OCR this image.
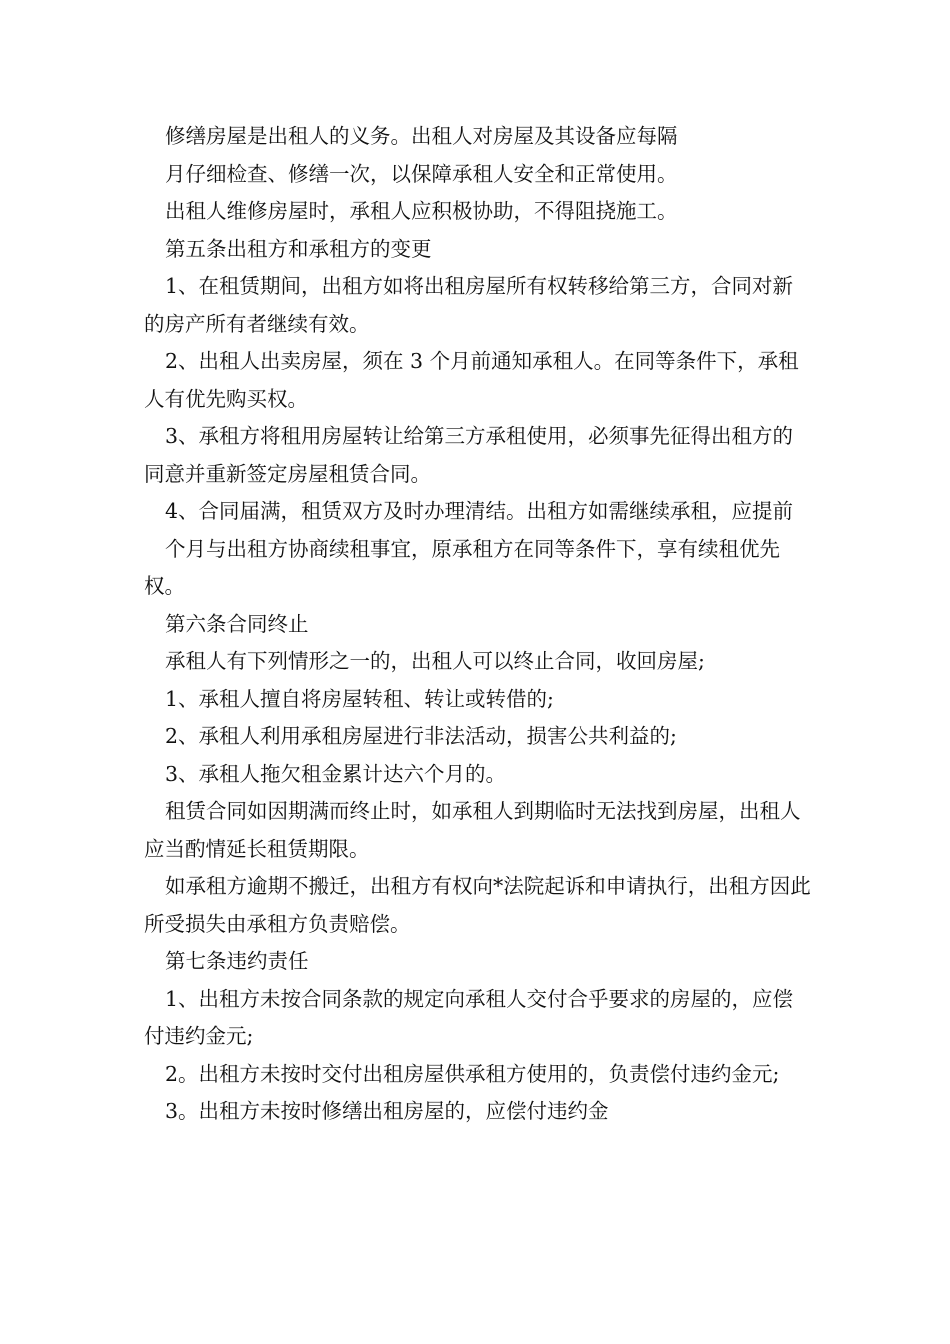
修缮房屋是出租人的义务。出租人对房屋及其设备应每隔

月仔细检查、修缮一次，以保障承租人安全和正常使用。

出租人维修房屋时，承租人应积极协助，不得阻挠施工。

第五条出租方和承租方的变更

1、在租赁期间，出租方如将出租房屋所有权转移给第三方，合同对新的房产所有者继续有效。

2、出租人出卖房屋，须在 3 个月前通知承租人。在同等条件下，承租人有优先购买权。

3、承租方将租用房屋转让给第三方承租使用，必须事先征得出租方的同意并重新签定房屋租赁合同。

4、合同届满，租赁双方及时办理清结。出租方如需继续承租，应提前

个月与出租方协商续租事宜，原承租方在同等条件下，享有续租优先权。

第六条合同终止

承租人有下列情形之一的，出租人可以终止合同，收回房屋;

1、承租人擅自将房屋转租、转让或转借的;

2、承租人利用承租房屋进行非法活动，损害公共利益的;

3、承租人拖欠租金累计达六个月的。

租赁合同如因期满而终止时，如承租人到期临时无法找到房屋，出租人应当酌情延长租赁期限。

如承租方逾期不搬迁，出租方有权向*法院起诉和申请执行，出租方因此所受损失由承租方负责赔偿。

第七条违约责任

1、出租方未按合同条款的规定向承租人交付合乎要求的房屋的，应偿付违约金元;

2。出租方未按时交付出租房屋供承租方使用的，负责偿付违约金元;

3。出租方未按时修缮出租房屋的，应偿付违约金
